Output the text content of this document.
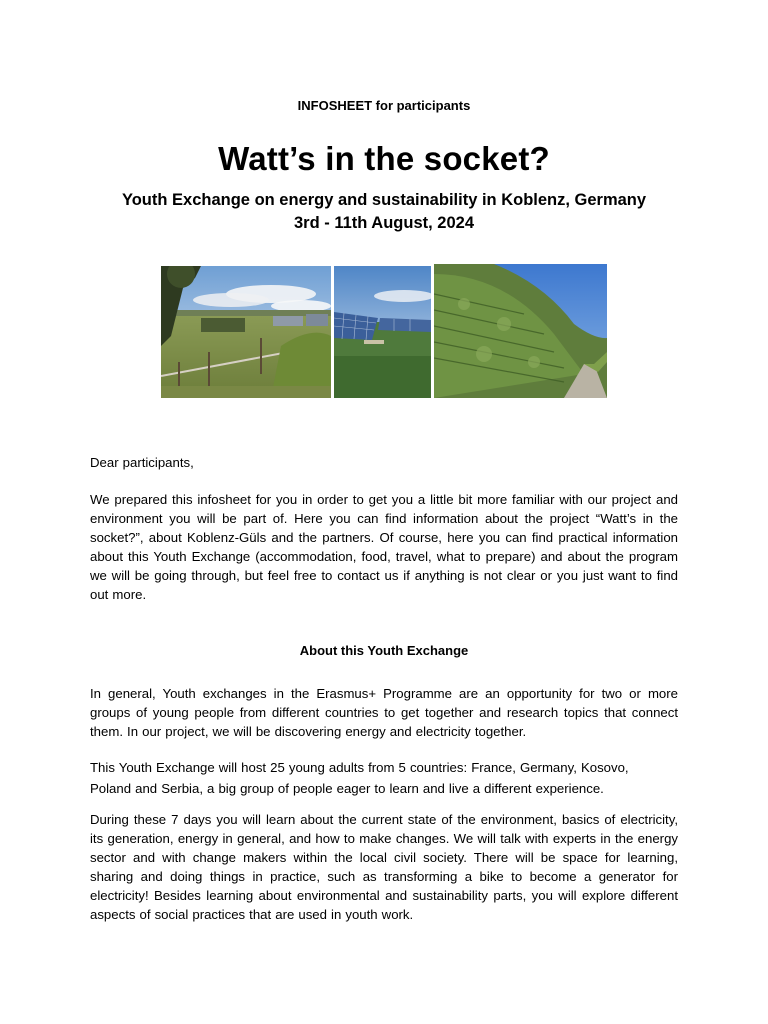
INFOSHEET for participants
Watt’s in the socket?
Youth Exchange on energy and sustainability in Koblenz, Germany
3rd - 11th August, 2024
Dear participants,
We prepared this infosheet for you in order to get you a little bit more familiar with our project and environment you will be part of. Here you can find information about the project “Watt’s in the socket?”, about Koblenz-Güls and the partners. Of course, here you can find practical information about this Youth Exchange (accommodation, food, travel, what to prepare) and about the program we will be going through, but feel free to contact us if anything is not clear or you just want to find out more.
About this Youth Exchange
In general, Youth exchanges in the Erasmus+ Programme are an opportunity for two or more groups of young people from different countries to get together and research topics that connect them. In our project, we will be discovering energy and electricity together.
This Youth Exchange will host 25 young adults from 5 countries: France, Germany, Kosovo,
Poland and Serbia, a big group of people eager to learn and live a different experience.
During these 7 days you will learn about the current state of the environment, basics of electricity, its generation, energy in general, and how to make changes. We will talk with experts in the energy sector and with change makers within the local civil society. There will be space for learning, sharing and doing things in practice, such as transforming a bike to become a generator for electricity! Besides learning about environmental and sustainability parts, you will explore different aspects of social practices that are used in youth work.
